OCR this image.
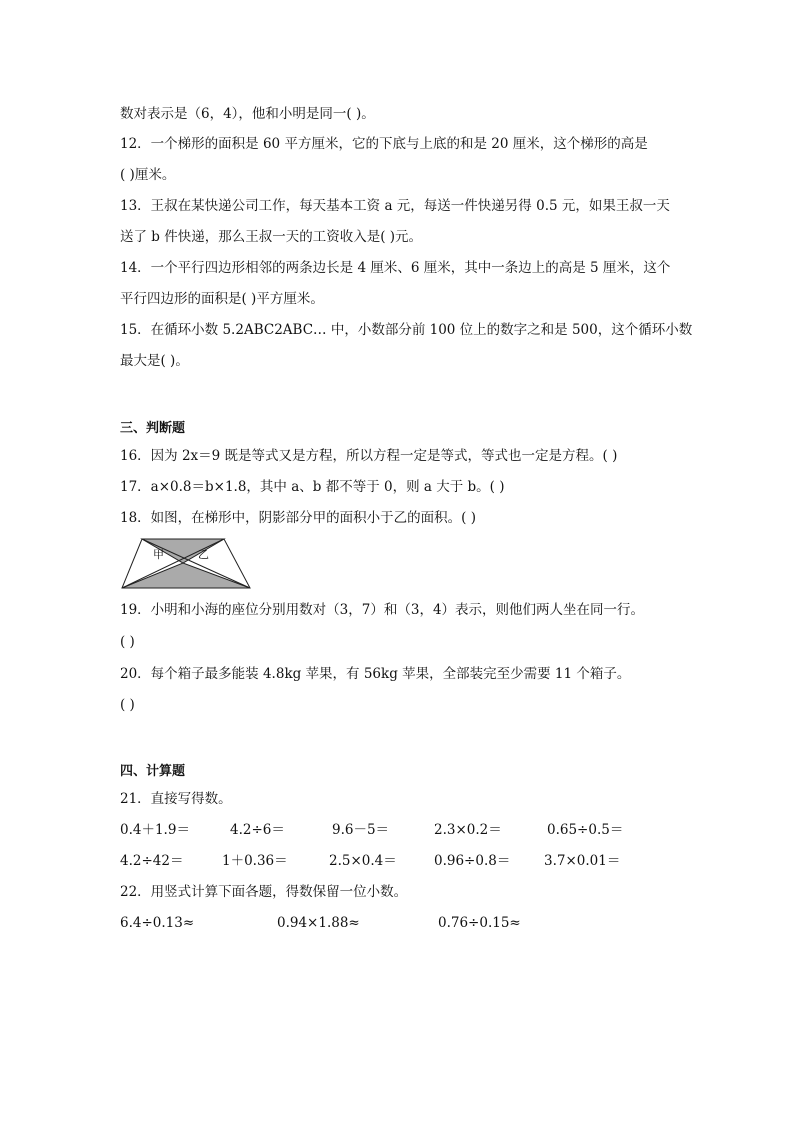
数对表示是（6，4），他和小明是同一( )。
12．一个梯形的面积是 60 平方厘米，它的下底与上底的和是 20 厘米，这个梯形的高是
( )厘米。
13．王叔在某快递公司工作，每天基本工资 a 元，每送一件快递另得 0.5 元，如果王叔一天
送了 b 件快递，那么王叔一天的工资收入是( )元。
14．一个平行四边形相邻的两条边长是 4 厘米、6 厘米，其中一条边上的高是 5 厘米，这个
平行四边形的面积是( )平方厘米。
15．在循环小数 5.2ABC2ABC… 中，小数部分前 100 位上的数字之和是 500，这个循环小数
最大是( )。
三、判断题
16．因为 2x＝9 既是等式又是方程，所以方程一定是等式，等式也一定是方程。( )
17．a×0.8＝b×1.8，其中 a、b 都不等于 0，则 a 大于 b。( )
18．如图，在梯形中，阴影部分甲的面积小于乙的面积。( )
甲	乙
19．小明和小海的座位分别用数对（3，7）和（3，4）表示，则他们两人坐在同一行。
( )
20．每个箱子最多能装 4.8kg 苹果，有 56kg 苹果，全部装完至少需要 11 个箱子。
( )
四、计算题
21．直接写得数。
0.4＋1.9＝	4.2÷6＝	9.6－5＝	2.3×0.2＝	0.65÷0.5＝
4.2÷42＝	1＋0.36＝	2.5×0.4＝	0.96÷0.8＝ 3.7×0.01＝
22．用竖式计算下面各题，得数保留一位小数。
6.4÷0.13≈	0.94×1.88≈	0.76÷0.15≈
